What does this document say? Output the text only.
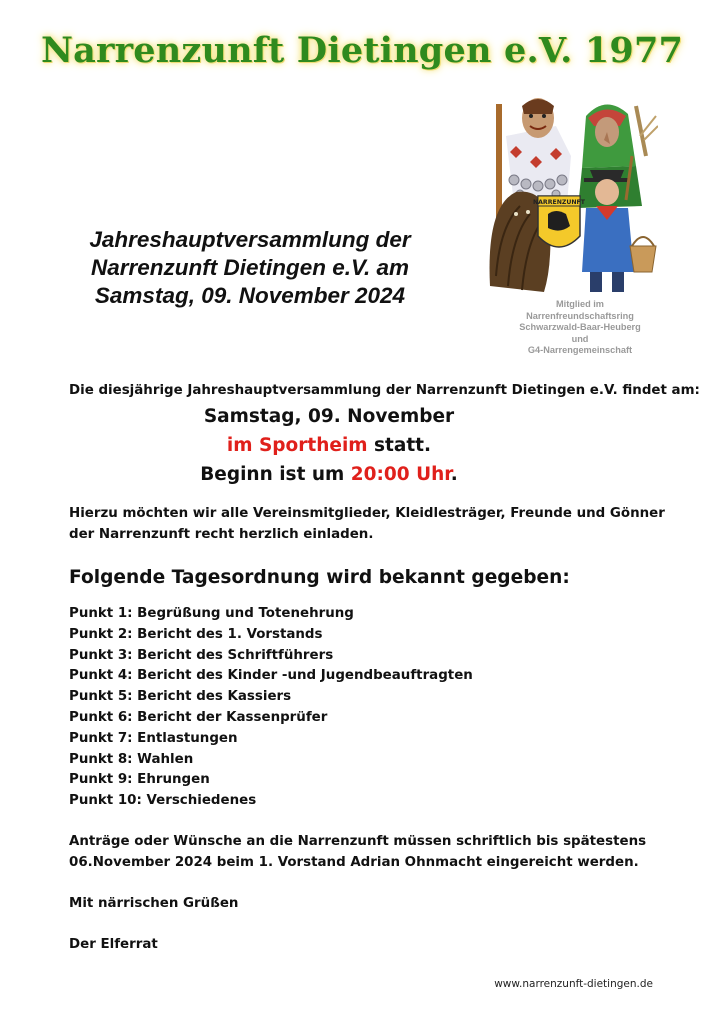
Narrenzunft Dietingen e.V. 1977
NARRENZUNFT
Mitglied im
Narrenfreundschaftsring
Schwarzwald-Baar-Heuberg
und
G4-Narrengemeinschaft
Jahreshauptversammlung der
Narrenzunft Dietingen e.V. am
Samstag, 09. November 2024
Die diesjährige Jahreshauptversammlung der Narrenzunft Dietingen e.V. findet am:
Samstag, 09. November
im Sportheim statt.
Beginn ist um 20:00 Uhr.
Hierzu möchten wir alle Vereinsmitglieder, Kleidlesträger, Freunde und Gönner der Narrenzunft recht herzlich einladen.
Folgende Tagesordnung wird bekannt gegeben:
Punkt 1: Begrüßung und Totenehrung
Punkt 2: Bericht des 1. Vorstands
Punkt 3: Bericht des Schriftführers
Punkt 4: Bericht des Kinder -und Jugendbeauftragten
Punkt 5: Bericht des Kassiers
Punkt 6: Bericht der Kassenprüfer
Punkt 7: Entlastungen
Punkt 8: Wahlen
Punkt 9: Ehrungen
Punkt 10: Verschiedenes
Anträge oder Wünsche an die Narrenzunft müssen schriftlich bis spätestens
06.November 2024 beim 1. Vorstand Adrian Ohnmacht eingereicht werden.
Mit närrischen Grüßen
Der Elferrat
www.narrenzunft-dietingen.de
